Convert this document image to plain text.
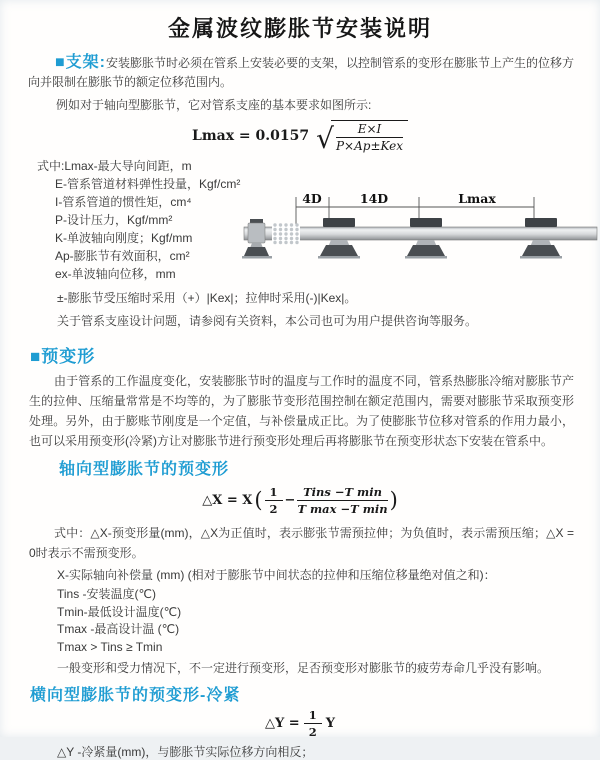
金属波纹膨胀节安装说明
■支架:安装膨胀节时必须在管系上安装必要的支架，以控制管系的变形在膨胀节上产生的位移方向并限制在膨胀节的额定位移范围内。
例如对于轴向型膨胀节，它对管系支座的基本要求如图所示:
Lmax = 0.0157 √ $\frac{E\times I}{\text{P×Ap±Kex}}$
式中:Lmax-最大导向间距，m
E-管系管道材料弹性投量，Kgf/cm²
I-管系管道的惯性矩，cm⁴
P-设计压力，Kgf/mm²
K-单波轴向刚度；Kgf/mm
Ap-膨胀节有效面积，cm²
ex-单波轴向位移，mm
4D	14D	Lmax
±-膨胀节受压缩时采用（+）|Kex|；拉伸时采用(-)|Kex|。
关于管系支座设计问题，请参阅有关资料，本公司也可为用户提供咨询等服务。
■预变形
由于管系的工作温度变化，安装膨胀节时的温度与工作时的温度不同，管系热膨胀冷缩对膨胀节产生的拉伸、压缩量常常是不均等的，为了膨胀节变形范围控制在额定范围内，需要对膨胀节采取预变形处理。另外，由于膨账节刚度是一个定值，与补偿量成正比。为了使膨胀节位移对管系的作用力最小，也可以采用预变形(冷紧)方让对膨胀节进行预变形处理后再将膨胀节在预变形状态下安装在管系中。
轴向型膨胀节的预变形
△X = X ( $\frac{1}{2} - \frac{\text{Tins −T min}}{\text{T max −T min}}$ )
式中：△X-预变形量(mm)，△X为正值时，表示膨张节需预拉伸；为负值时，表示需预压缩；△X = 0时表示不需预变形。
X-实际轴向补偿量 (mm) (相对于膨胀节中间状态的拉伸和压缩位移量绝对值之和)：
Tins -安装温度(℃)
Tmin-最低设计温度(℃)
Tmax -最高设计温 (℃)
Tmax > Tins ≥ Tmin
一般变形和受力情况下，不一定进行预变形，足否预变形对膨胀节的疲劳寿命几乎没有影响。
横向型膨胀节的预变形-冷紧
△Y = $\frac{1}{2}$ Y
△Y -冷紧量(mm)，与膨胀节实际位移方向相反；
